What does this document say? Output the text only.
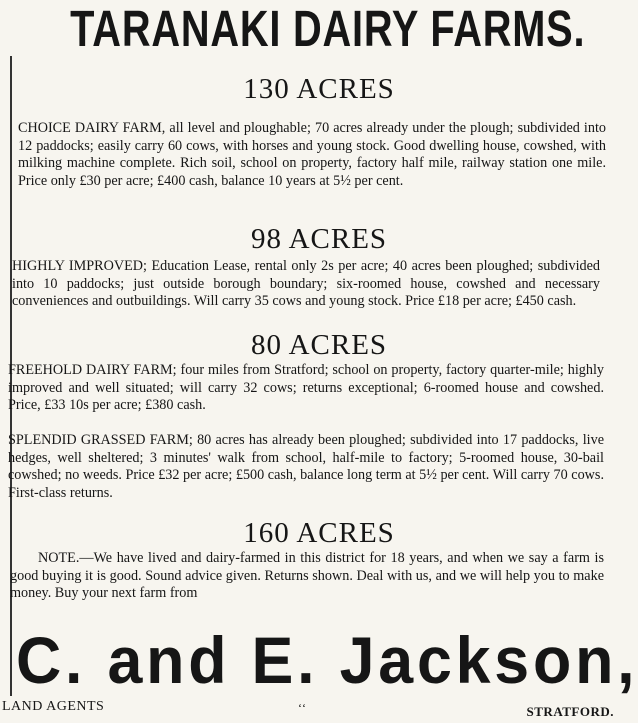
TARANAKI DAIRY FARMS.
130 ACRES

CHOICE DAIRY FARM, all level and ploughable; 70 acres already under the plough; subdivided into 12 paddocks; easily carry 60 cows, with horses and young stock. Good dwelling house, cowshed, with milking machine complete. Rich soil, school on property, factory half mile, railway station one mile. Price only £30 per acre; £400 cash, balance 10 years at 5½ per cent.

98 ACRES

HIGHLY IMPROVED; Education Lease, rental only 2s per acre; 40 acres been ploughed; subdivided into 10 paddocks; just outside borough boundary; six-roomed house, cowshed and necessary conveniences and outbuildings. Will carry 35 cows and young stock. Price £18 per acre; £450 cash.

80 ACRES

FREEHOLD DAIRY FARM; four miles from Stratford; school on property, factory quarter-mile; highly improved and well situated; will carry 32 cows; returns exceptional; 6-roomed house and cowshed. Price, £33 10s per acre; £380 cash.

SPLENDID GRASSED FARM; 80 acres has already been ploughed; subdivided into 17 paddocks, live hedges, well sheltered; 3 minutes' walk from school, half-mile to factory; 5-roomed house, 30-bail cowshed; no weeds. Price £32 per acre; £500 cash, balance long term at 5½ per cent. Will carry 70 cows. First-class returns.

160 ACRES

NOTE.—We have lived and dairy-farmed in this district for 18 years, and when we say a farm is good buying it is good. Sound advice given. Returns shown. Deal with us, and we will help you to make money. Buy your next farm from

C. and E. Jackson,
LAND AGENTS	ʻʻ	STRATFORD.
